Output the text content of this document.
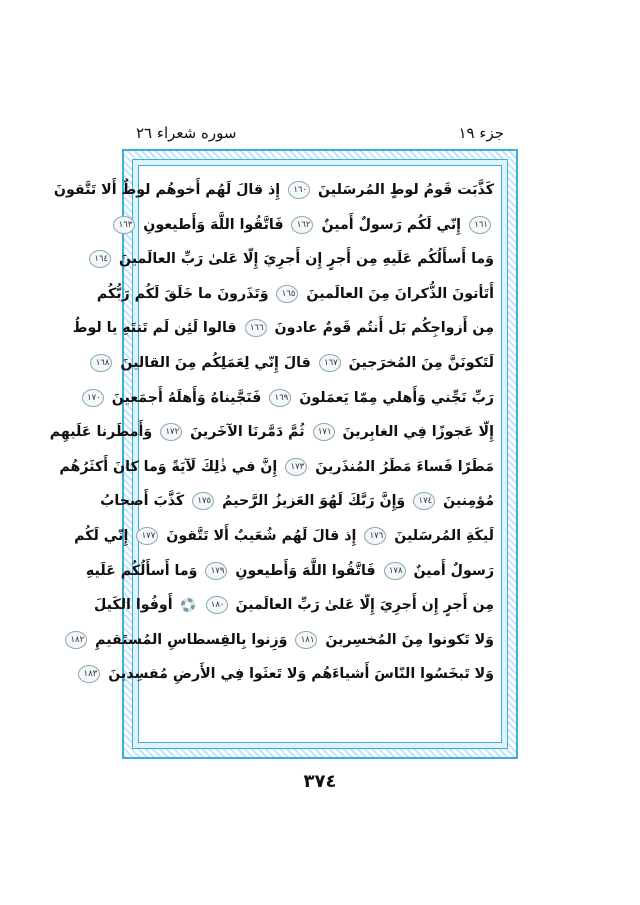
جزء ١٩
سوره شعراء ٢٦
كَذَّبَت قَومُ لوطٍ المُرسَلينَ ١٦٠ إِذ قالَ لَهُم أَخوهُم لوطٌ أَلا تَتَّقونَ
١٦١ إِنّي لَكُم رَسولٌ أَمينٌ ١٦٢ فَاتَّقُوا اللَّهَ وَأَطيعونِ ١٦٣
وَما أَسأَلُكُم عَلَيهِ مِن أَجرٍ إِن أَجرِيَ إِلّا عَلىٰ رَبِّ العالَمينَ ١٦٤
أَتَأتونَ الذُّكرانَ مِنَ العالَمينَ ١٦٥ وَتَذَرونَ ما خَلَقَ لَكُم رَبُّكُم
مِن أَزواجِكُم بَل أَنتُم قَومٌ عادونَ ١٦٦ قالوا لَئِن لَم تَنتَهِ يا لوطُ
لَتَكونَنَّ مِنَ المُخرَجينَ ١٦٧ قالَ إِنّي لِعَمَلِكُم مِنَ القالينَ ١٦٨
رَبِّ نَجِّني وَأَهلي مِمّا يَعمَلونَ ١٦٩ فَنَجَّيناهُ وَأَهلَهُ أَجمَعينَ ١٧٠
إِلّا عَجوزًا فِي الغابِرينَ ١٧١ ثُمَّ دَمَّرنَا الآخَرينَ ١٧٢ وَأَمطَرنا عَلَيهِم
مَطَرًا فَساءَ مَطَرُ المُنذَرينَ ١٧٣ إِنَّ في ذٰلِكَ لَآيَةً وَما كانَ أَكثَرُهُم
مُؤمِنينَ ١٧٤ وَإِنَّ رَبَّكَ لَهُوَ العَزيزُ الرَّحيمُ ١٧٥ كَذَّبَ أَصحابُ
لَيكَةِ المُرسَلينَ ١٧٦ إِذ قالَ لَهُم شُعَيبٌ أَلا تَتَّقونَ ١٧٧ إِنّي لَكُم
رَسولٌ أَمينٌ ١٧٨ فَاتَّقُوا اللَّهَ وَأَطيعونِ ١٧٩ وَما أَسأَلُكُم عَلَيهِ
مِن أَجرٍ إِن أَجرِيَ إِلّا عَلىٰ رَبِّ العالَمينَ ١٨٠  أَوفُوا الكَيلَ
وَلا تَكونوا مِنَ المُخسِرينَ ١٨١ وَزِنوا بِالقِسطاسِ المُستَقيمِ ١٨٢
وَلا تَبخَسُوا النّاسَ أَشياءَهُم وَلا تَعثَوا فِي الأَرضِ مُفسِدينَ ١٨٣
٣٧٤
